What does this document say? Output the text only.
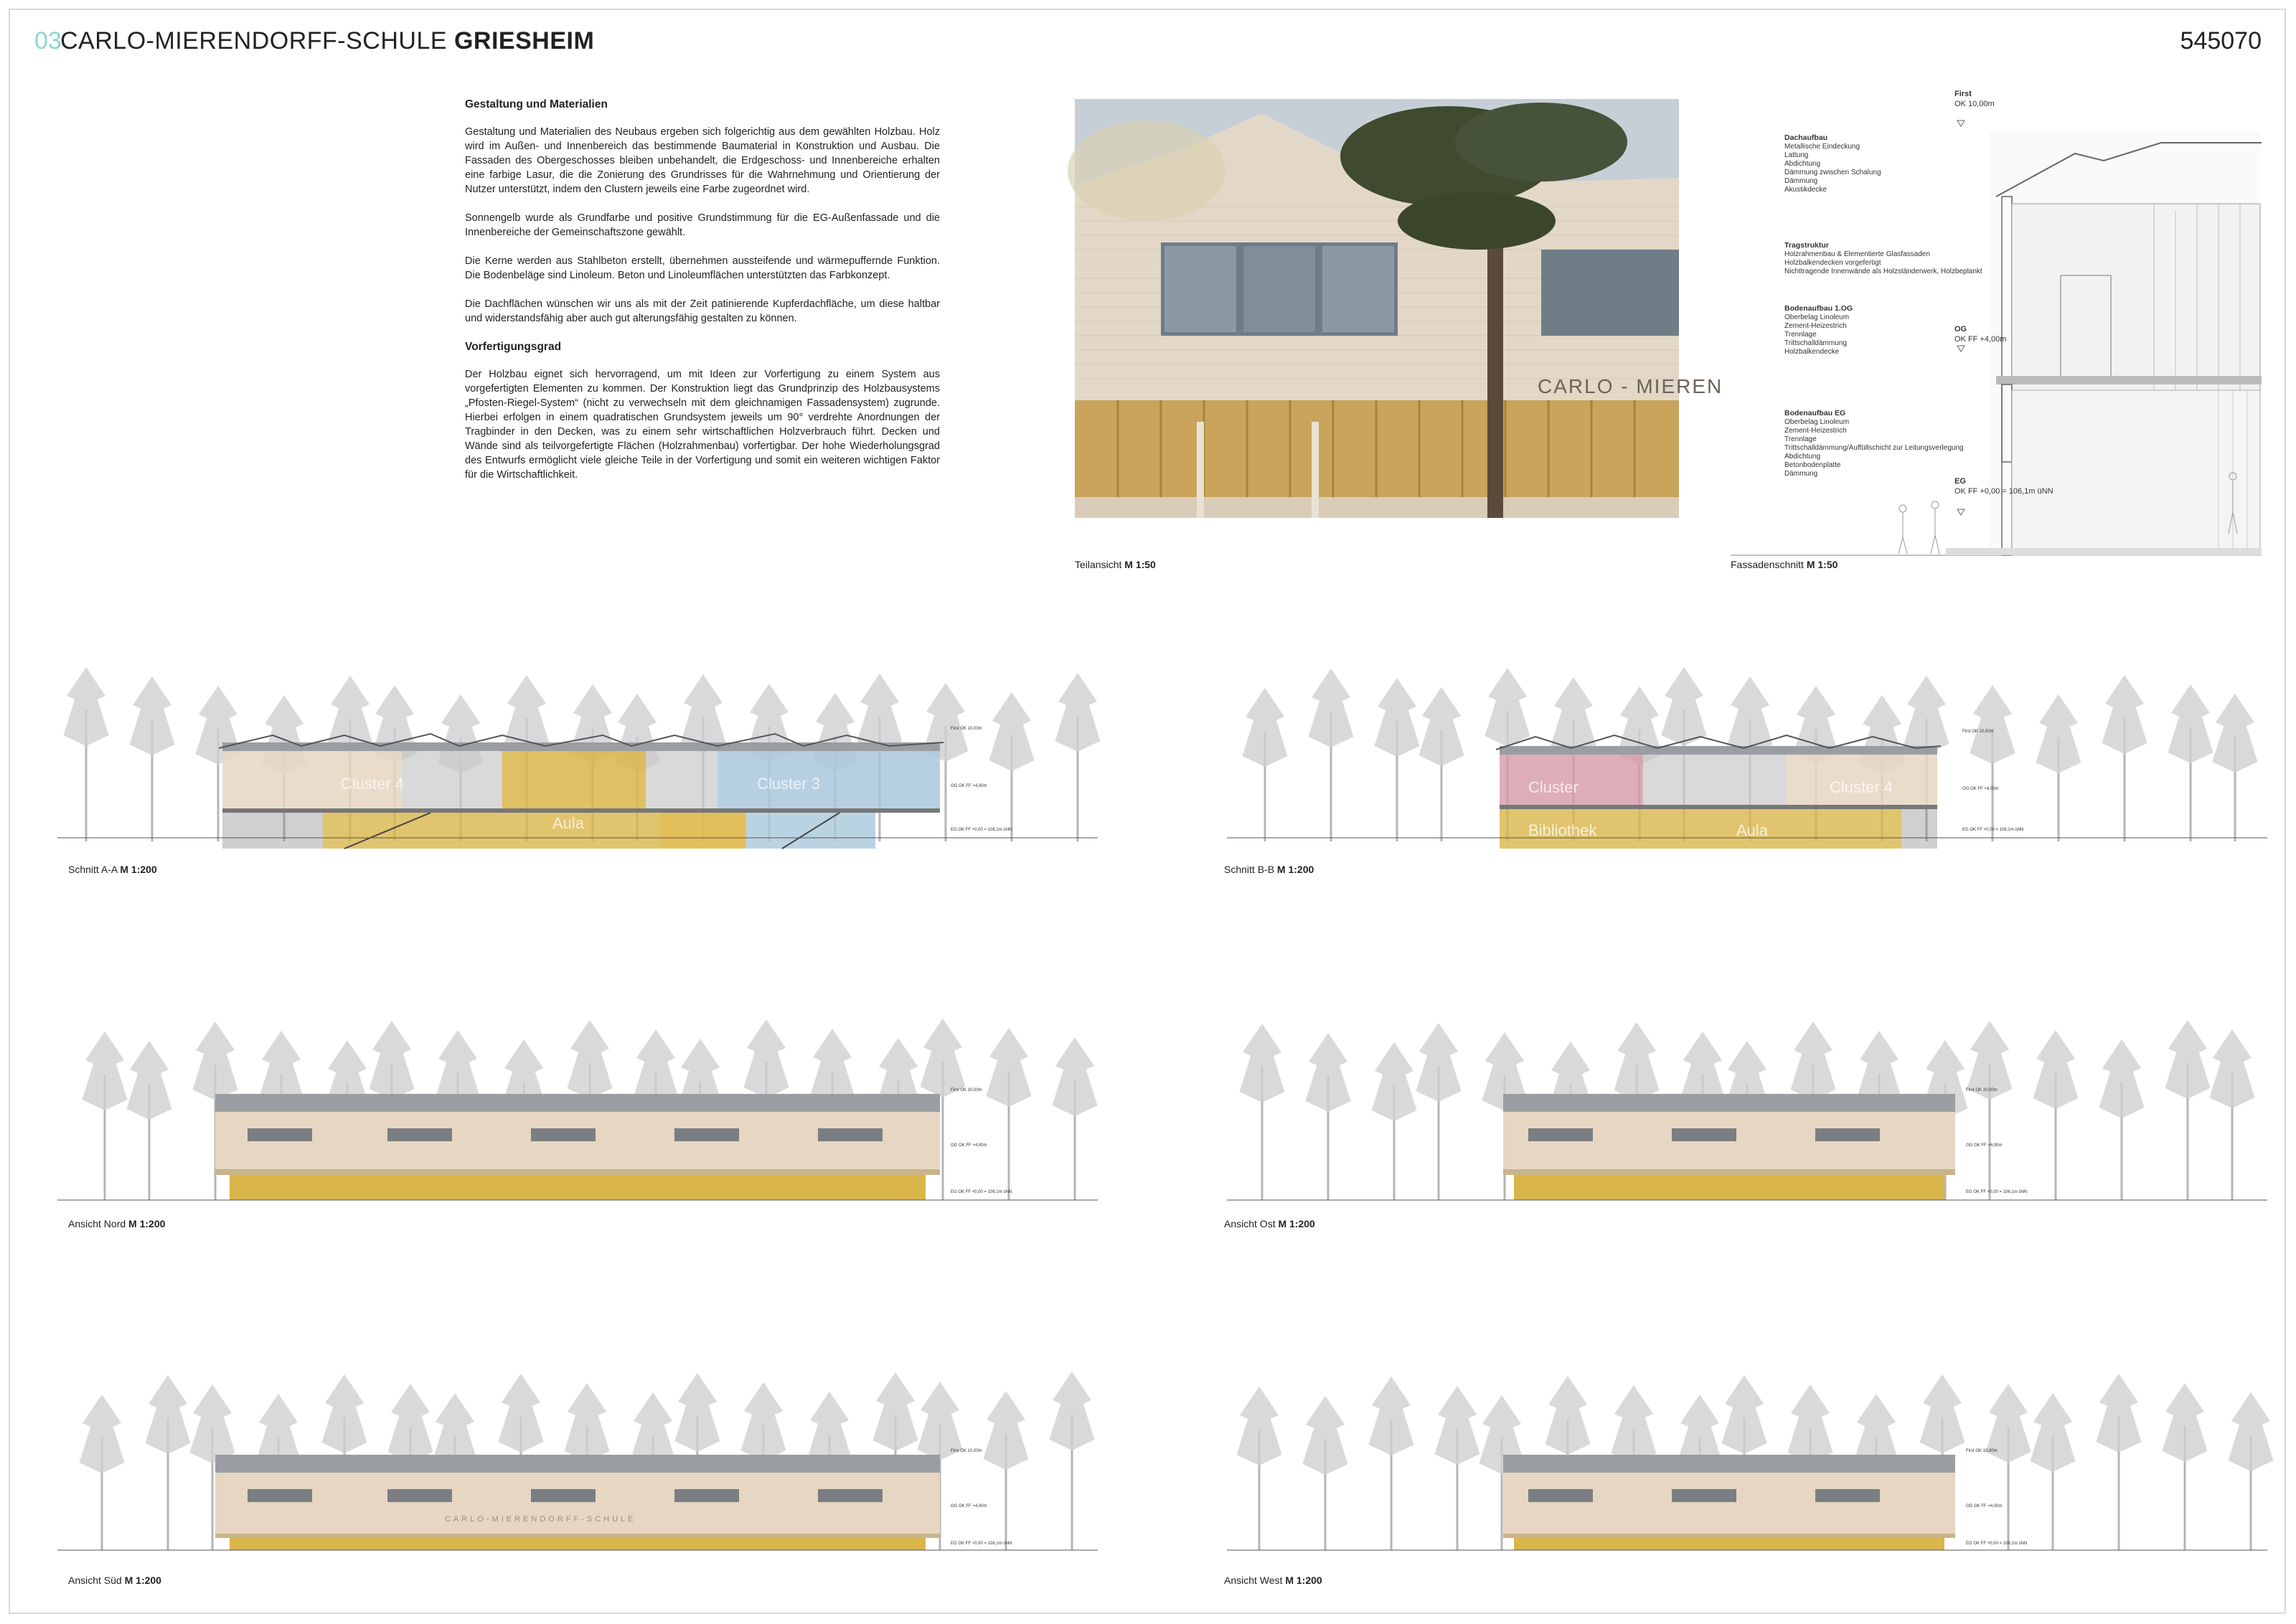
03
CARLO-MIERENDORFF-SCHULE GRIESHEIM	545070
Gestaltung und Materialien

Gestaltung und Materialien des Neubaus ergeben sich folgerichtig aus dem gewählten Holzbau. Holz wird im Außen- und Innenbereich das bestimmende Baumaterial in Konstruktion und Ausbau. Die Fassaden des Obergeschosses bleiben unbehandelt, die Erdgeschoss- und Innenbereiche erhalten eine farbige Lasur, die die Zonierung des Grundrisses für die Wahrnehmung und Orientierung der Nutzer unterstützt, indem den Clustern jeweils eine Farbe zugeordnet wird.

Sonnengelb wurde als Grundfarbe und positive Grundstimmung für die EG-Außenfassade und die Innenbereiche der Gemeinschaftszone gewählt.

Die Kerne werden aus Stahlbeton erstellt, übernehmen aussteifende und wärmepuffernde Funktion. Die Bodenbeläge sind Linoleum. Beton und Linoleumflächen unterstützten das Farbkonzept.

Die Dachflächen wünschen wir uns als mit der Zeit patinierende Kupferdachfläche, um diese haltbar und widerstandsfähig aber auch gut alterungsfähig gestalten zu können.

Vorfertigungsgrad

Der Holzbau eignet sich hervorragend, um mit Ideen zur Vorfertigung zu einem System aus vorgefertigten Elementen zu kommen. Der Konstruktion liegt das Grundprinzip des Holzbausystems „Pfosten-Riegel-System“ (nicht zu verwechseln mit dem gleichnamigen Fassadensystem) zugrunde. Hierbei erfolgen in einem quadratischen Grundsystem jeweils um 90° verdrehte Anordnungen der Tragbinder in den Decken, was zu einem sehr wirtschaftlichen Holzverbrauch führt. Decken und Wände sind als teilvorgefertigte Flächen (Holzrahmenbau) vorfertigbar. Der hohe Wiederholungsgrad des Entwurfs ermöglicht viele gleiche Teile in der Vorfertigung und somit ein weiteren wichtigen Faktor für die Wirtschaftlichkeit.

CARLO - MIEREN
Teilansicht M 1:50
First
OK 10,00m
OG
OK FF +4,00m
EG
OK FF +0,00 = 106,1m üNN
Dachaufbau
Metallische Eindeckung
Lattung
Abdichtung
Dämmung zwischen Schalung
Dämmung
Akustikdecke
Tragstruktur
Holzrahmenbau & Elementierte Glasfassaden
Holzbalkendecken vorgefertigt
Nichttragende Innenwände als Holzständerwerk, Holzbeplankt
Bodenaufbau 1.OG
Oberbelag Linoleum
Zement-Heizestrich
Trennlage
Trittschalldämmung
Holzbalkendecke
Bodenaufbau EG
Oberbelag Linoleum
Zement-Heizestrich
Trennlage
Trittschalldämmung/Auffüllschicht zur Leitungsverlegung
Abdichtung
Betonbodenplatte
Dämmung
Fassadenschnitt M 1:50
Cluster 4	Cluster 3
Aula
First OK 10,00m
OG OK FF +4,00m
EG OK FF +0,00 = 106,1m üNN
Schnitt A-A M 1:200
Cluster	Cluster 4
Bibliothek	Aula
First OK 10,00m
OG OK FF +4,00m
EG OK FF +0,00 = 106,1m üNN
Schnitt B-B M 1:200
First OK 10,00m
OG OK FF +4,00m
EG OK FF +0,00 = 106,1m üNN
Ansicht Nord M 1:200
First OK 10,00m
OG OK FF +4,00m
EG OK FF +0,00 = 106,1m üNN
Ansicht Ost M 1:200
CARLO-MIERENDORFF-SCHULE
First OK 10,00m
OG OK FF +4,00m
EG OK FF +0,00 = 106,1m üNN
Ansicht Süd M 1:200
First OK 10,00m
OG OK FF +4,00m
EG OK FF +0,00 = 106,1m üNN
Ansicht West M 1:200
